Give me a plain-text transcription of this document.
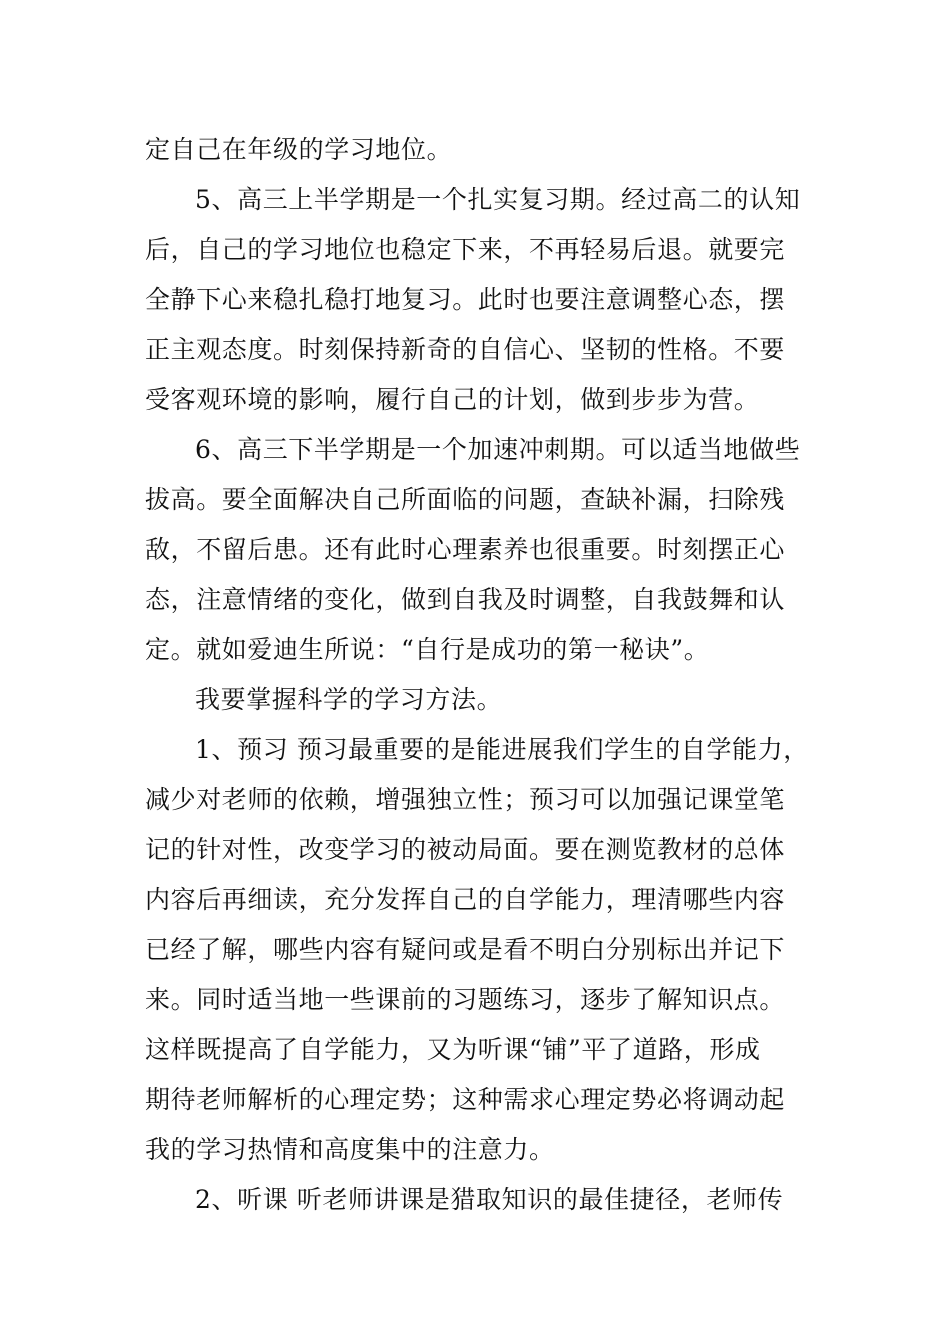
定自己在年级的学习地位。
5、高三上半学期是一个扎实复习期。经过高二的认知
后，自己的学习地位也稳定下来，不再轻易后退。就要完
全静下心来稳扎稳打地复习。此时也要注意调整心态，摆
正主观态度。时刻保持新奇的自信心、坚韧的性格。不要
受客观环境的影响，履行自己的计划，做到步步为营。
6、高三下半学期是一个加速冲刺期。可以适当地做些
拔高。要全面解决自己所面临的问题，查缺补漏，扫除残
敌，不留后患。还有此时心理素养也很重要。时刻摆正心
态，注意情绪的变化，做到自我及时调整，自我鼓舞和认
定。就如爱迪生所说：“自行是成功的第一秘诀”。
我要掌握科学的学习方法。
1、预习 预习最重要的是能进展我们学生的自学能力，
减少对老师的依赖，增强独立性；预习可以加强记课堂笔
记的针对性，改变学习的被动局面。要在测览教材的总体
内容后再细读，充分发挥自己的自学能力，理清哪些内容
已经了解，哪些内容有疑问或是看不明白分别标出并记下
来。同时适当地一些课前的习题练习，逐步了解知识点。
这样既提高了自学能力，又为听课“铺”平了道路，形成
期待老师解析的心理定势；这种需求心理定势必将调动起
我的学习热情和高度集中的注意力。
2、听课 听老师讲课是猎取知识的最佳捷径，老师传
